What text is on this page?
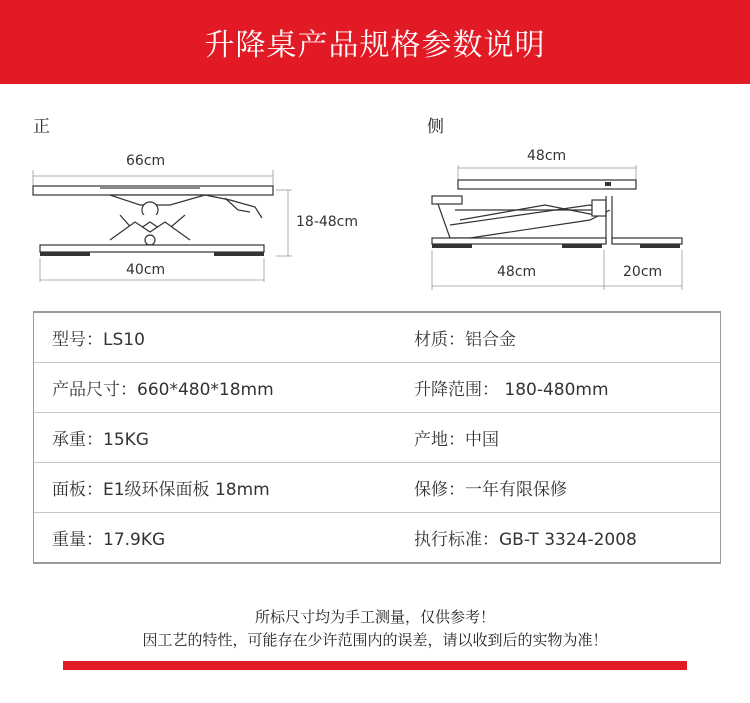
升降桌产品规格参数说明
正	侧
66cm
40cm
18-48cm
48cm
48cm	20cm
型号：LS10	材质：铝合金
产品尺寸：660*480*18mm	升降范围： 180-480mm
承重：15KG	产地：中国
面板：E1级环保面板 18mm	保修：一年有限保修
重量：17.9KG	执行标准：GB-T 3324-2008
所标尺寸均为手工测量，仅供参考！
因工艺的特性，可能存在少许范围内的误差，请以收到后的实物为准！
